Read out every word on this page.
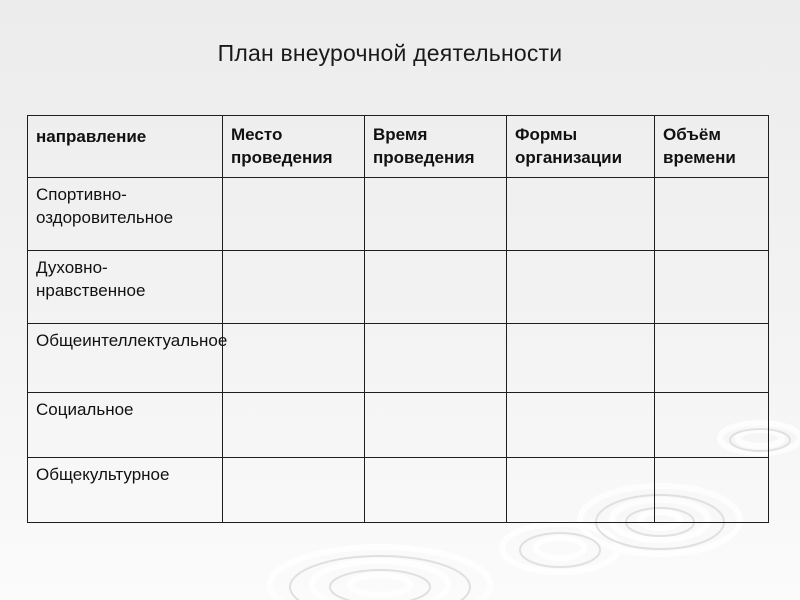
План внеурочной деятельности
направление	Место проведения	Время проведения	Формы организации	Объём времени
Спортивно-оздоровительное				
Духовно-нравственное				
Общеинтеллектуальное				
Социальное				
Общекультурное				
